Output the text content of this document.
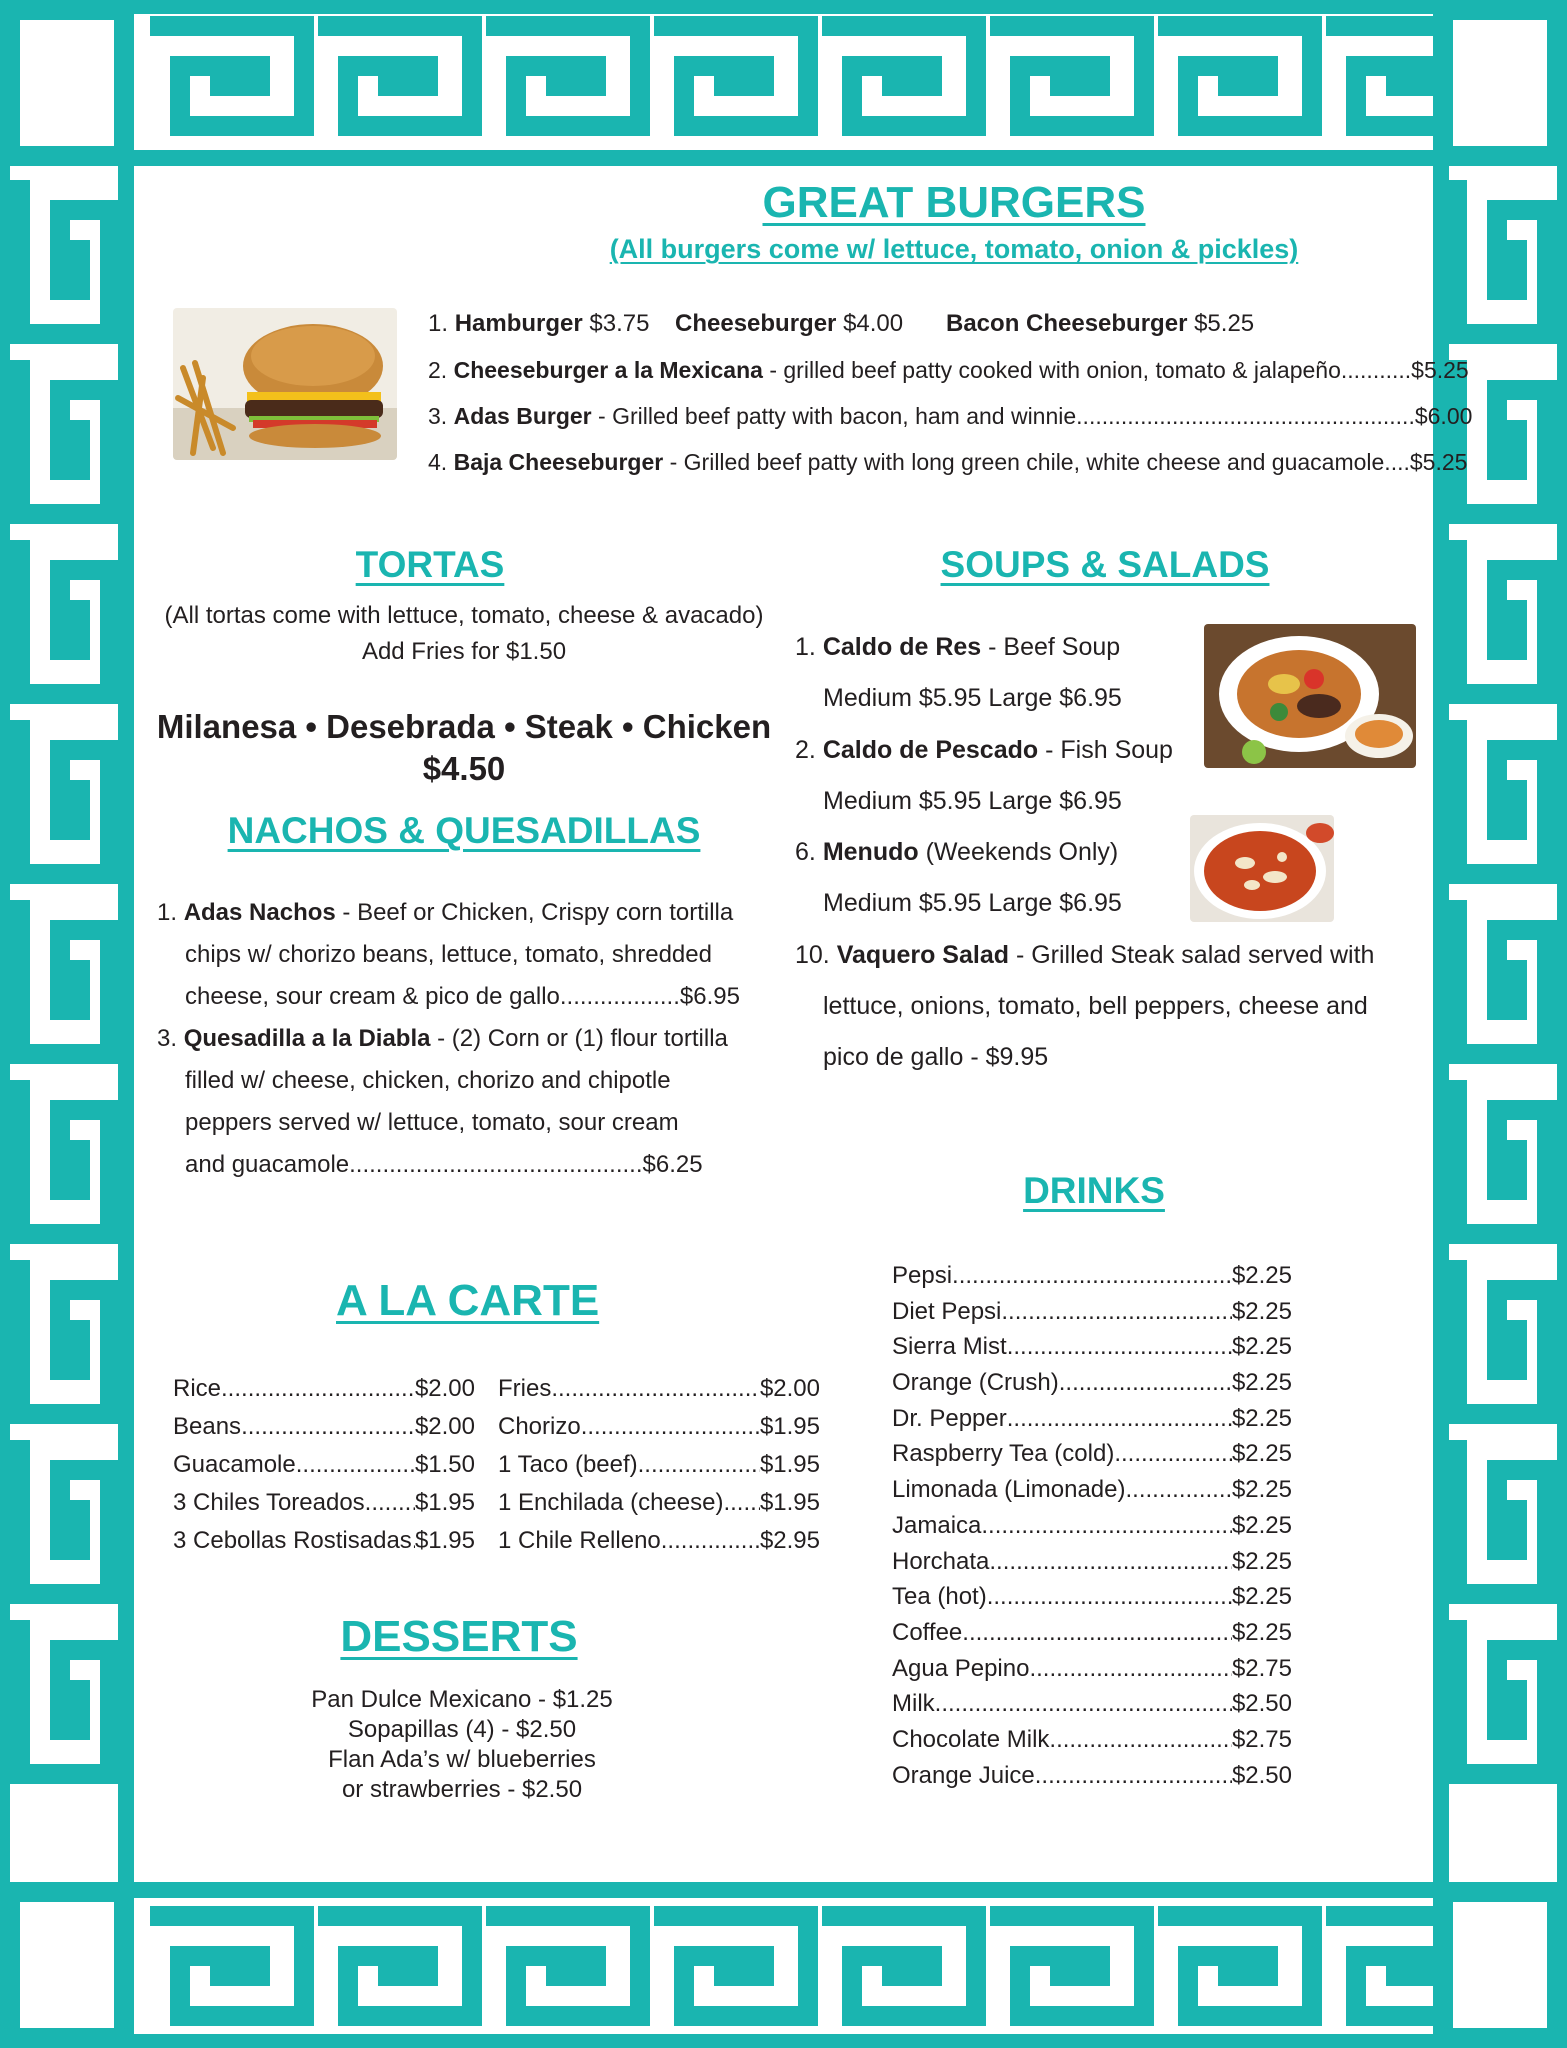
GREAT BURGERS
(All burgers come w/ lettuce, tomato, onion & pickles)
1. Hamburger $3.75 Cheeseburger $4.00 Bacon Cheeseburger $5.25
2. Cheeseburger a la Mexicana - grilled beef patty cooked with onion, tomato & jalapeño...........$5.25
3. Adas Burger - Grilled beef patty with bacon, ham and winnie.....................................................$6.00
4. Baja Cheeseburger - Grilled beef patty with long green chile, white cheese and guacamole....$5.25
TORTAS
(All tortas come with lettuce, tomato, cheese & avacado)
Add Fries for $1.50
Milanesa • Desebrada • Steak • Chicken
$4.50
NACHOS & QUESADILLAS
1. Adas Nachos - Beef or Chicken, Crispy corn tortilla
chips w/ chorizo beans, lettuce, tomato, shredded
cheese, sour cream & pico de gallo..................$6.95
3. Quesadilla a la Diabla - (2) Corn or (1) flour tortilla
filled w/ cheese, chicken, chorizo and chipotle
peppers served w/ lettuce, tomato, sour cream
and guacamole............................................$6.25
SOUPS & SALADS
1. Caldo de Res - Beef Soup
Medium $5.95 Large $6.95
2. Caldo de Pescado - Fish Soup
Medium $5.95 Large $6.95
6. Menudo (Weekends Only)
Medium $5.95 Large $6.95
10. Vaquero Salad - Grilled Steak salad served with
lettuce, onions, tomato, bell peppers, cheese and
pico de gallo - $9.95
DRINKS
Pepsi .....	$2.25
Diet Pepsi .....	$2.25
Sierra Mist .....	$2.25
Orange (Crush) .....	$2.25
Dr. Pepper .....	$2.25
Raspberry Tea (cold) .....	$2.25
Limonada (Limonade) .....	$2.25
Jamaica .....	$2.25
Horchata .....	$2.25
Tea (hot) .....	$2.25
Coffee .....	$2.25
Agua Pepino .....	$2.75
Milk .....	$2.50
Chocolate Milk .....	$2.75
Orange Juice .....	$2.50
A LA CARTE
Rice .....	$2.00
Beans .....	$2.00
Guacamole .....	$1.50
3 Chiles Toreados ..... $1.95
3 Cebollas Rostisadas ..... $1.95
Fries .....	$2.00
Chorizo .....	$1.95
1 Taco (beef) .....	$1.95
1 Enchilada (cheese) ..... $1.95
1 Chile Relleno .....	$2.95
DESSERTS
Pan Dulce Mexicano - $1.25
Sopapillas (4) - $2.50
Flan Ada’s w/ blueberries
or strawberries - $2.50
